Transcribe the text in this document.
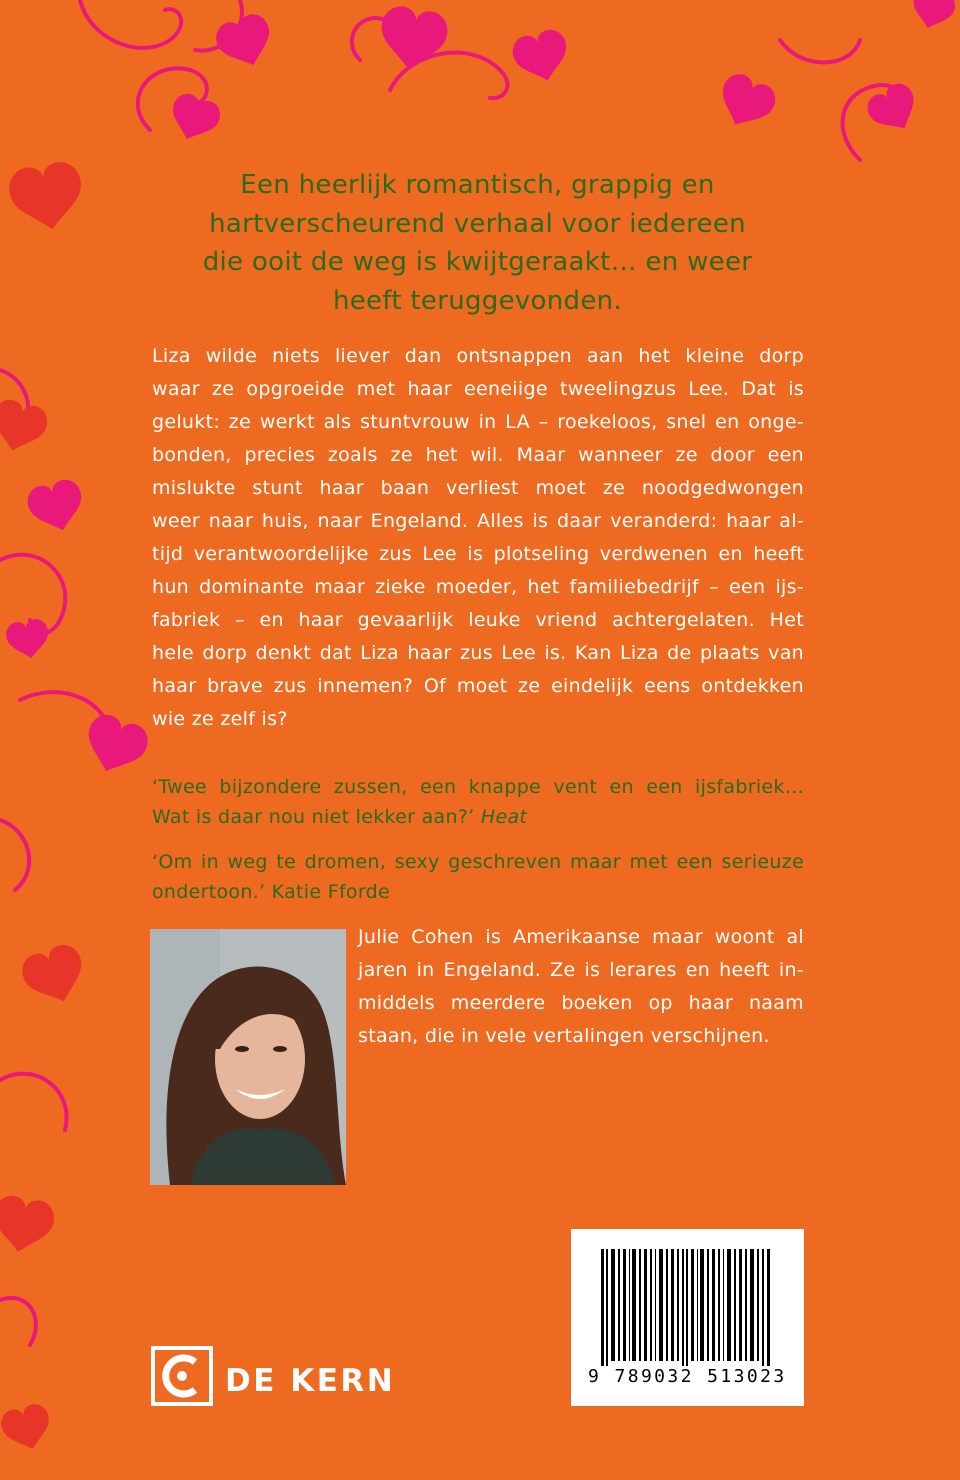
Een heerlijk romantisch, grappig en
hartverscheurend verhaal voor iedereen
die ooit de weg is kwijtgeraakt… en weer
heeft teruggevonden.
Liza wilde niets liever dan ontsnappen aan het kleine dorp
waar ze opgroeide met haar eeneiige tweelingzus Lee. Dat is
gelukt: ze werkt als stuntvrouw in LA – roekeloos, snel en onge-
bonden, precies zoals ze het wil. Maar wanneer ze door een
mislukte stunt haar baan verliest moet ze noodgedwongen
weer naar huis, naar Engeland. Alles is daar veranderd: haar al-
tijd verantwoordelijke zus Lee is plotseling verdwenen en heeft
hun dominante maar zieke moeder, het familiebedrijf – een ijs-
fabriek – en haar gevaarlijk leuke vriend achtergelaten. Het
hele dorp denkt dat Liza haar zus Lee is. Kan Liza de plaats van
haar brave zus innemen? Of moet ze eindelijk eens ontdekken
wie ze zelf is?
‘Twee bijzondere zussen, een knappe vent en een ijsfabriek…
Wat is daar nou niet lekker aan?’ Heat
‘Om in weg te dromen, sexy geschreven maar met een serieuze
ondertoon.’ Katie Fforde
Julie Cohen is Amerikaanse maar woont al
jaren in Engeland. Ze is lerares en heeft in-
middels meerdere boeken op haar naam
staan, die in vele vertalingen verschijnen.
9 789032 513023
DE KERN
